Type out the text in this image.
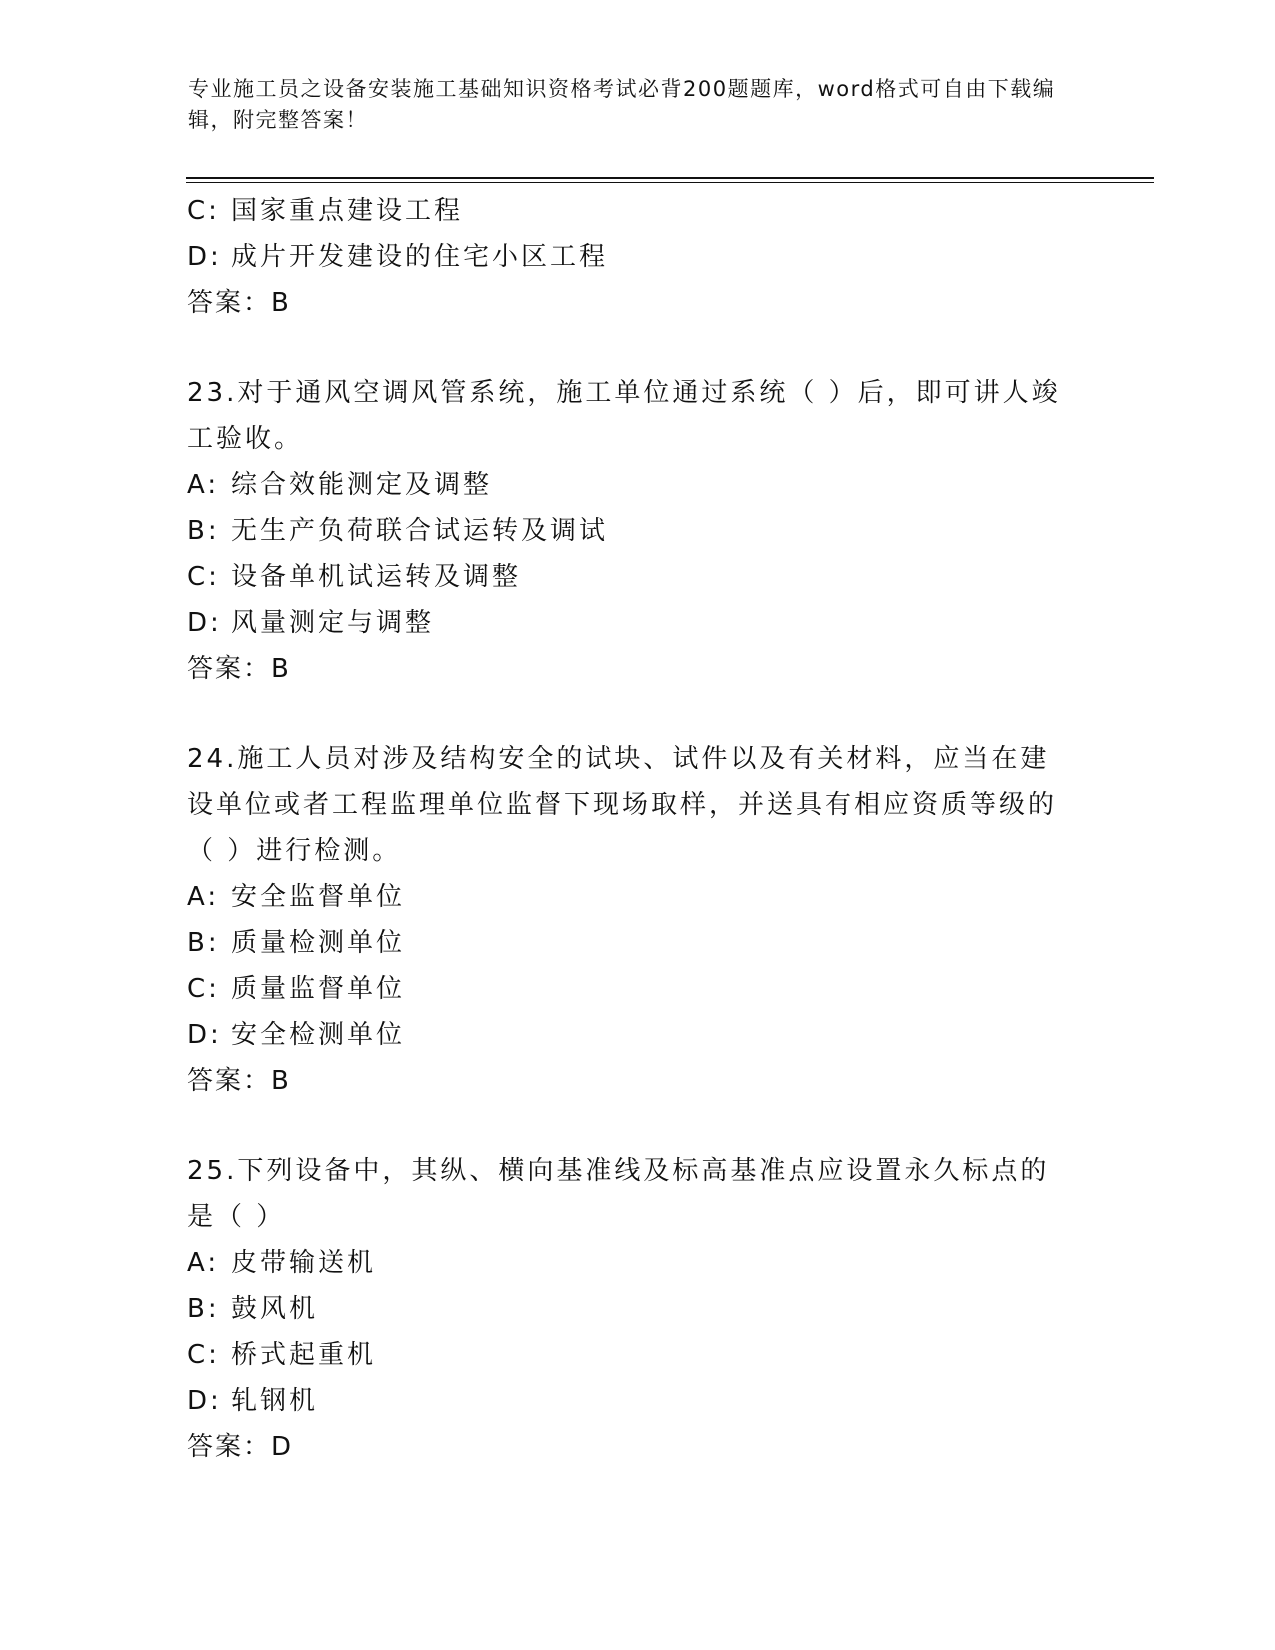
专业施工员之设备安装施工基础知识资格考试必背200题题库，word格式可自由下载编辑，附完整答案！
C: 国家重点建设工程
D: 成片开发建设的住宅小区工程
答案：B
23.对于通风空调风管系统，施工单位通过系统（ ）后，即可讲人竣工验收。
A: 综合效能测定及调整
B: 无生产负荷联合试运转及调试
C: 设备单机试运转及调整
D: 风量测定与调整
答案：B
24.施工人员对涉及结构安全的试块、试件以及有关材料，应当在建设单位或者工程监理单位监督下现场取样，并送具有相应资质等级的（ ）进行检测。
A: 安全监督单位
B: 质量检测单位
C: 质量监督单位
D: 安全检测单位
答案：B
25.下列设备中，其纵、横向基准线及标高基准点应设置永久标点的是（ ）
A: 皮带输送机
B: 鼓风机
C: 桥式起重机
D: 轧钢机
答案：D
